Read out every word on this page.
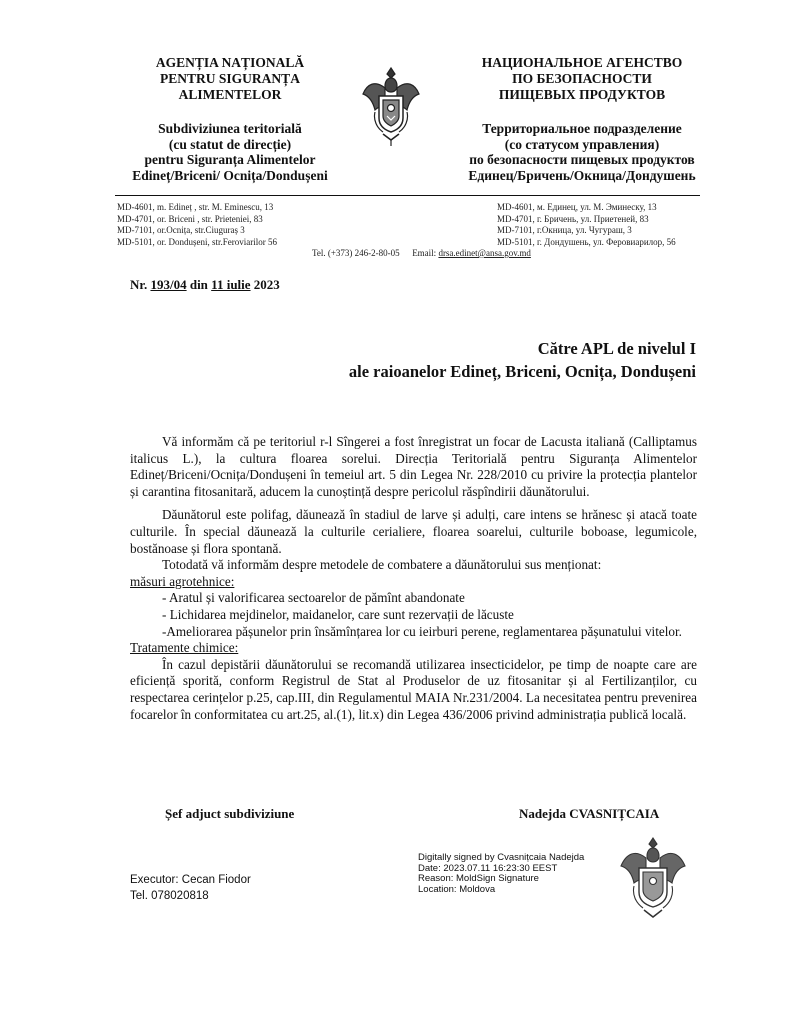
AGENȚIA NAȚIONALĂ
PENTRU SIGURANȚA
ALIMENTELOR
Subdiviziunea teritorială
(cu statut de direcție)
pentru Siguranța Alimentelor
Edineț/Briceni/ Ocnița/Dondușeni
НАЦИОНАЛЬНОЕ АГЕНСТВО
ПО БЕЗОПАСНОСТИ
ПИЩЕВЫХ ПРОДУКТОВ
Территориальное подразделение
(со статусом управления)
по безопасности пищевых продуктов
Единец/Бричень/Окница/Дондушень
MD-4601, m. Edineț , str. M. Eminescu, 13
MD-4701, or. Briceni , str. Prieteniei, 83
MD-7101, or.Ocnița, str.Ciuguraș 3
MD-5101, or. Dondușeni, str.Feroviarilor 56
MD-4601, м. Единец, ул. М. Эминеску, 13
MD-4701, г. Бричень, ул. Приетеней, 83
MD-7101, г.Окница, ул. Чугураш, 3
MD-5101, г. Дондушень, ул. Феровиарилор, 56
Tel. (+373) 246-2-80-05 Email: drsa.edinet@ansa.gov.md
Nr. 193/04 din 11 iulie 2023
Către APL de nivelul I
ale raioanelor Edineț, Briceni, Ocnița, Dondușeni

Vă informăm că pe teritoriul r-l Sîngerei a fost înregistrat un focar de Lacusta italiană (Calliptamus italicus L.), la cultura floarea sorelui. Direcția Teritorială pentru Siguranța Alimentelor Edineț/Briceni/Ocnița/Dondușeni în temeiul art. 5 din Legea Nr. 228/2010 cu privire la protecția plantelor și carantina fitosanitară, aducem la cunoștință despre pericolul răspîndirii dăunătorului.

Dăunătorul este polifag, dăunează în stadiul de larve și adulți, care intens se hrănesc și atacă toate culturile. În special dăunează la culturile cerialiere, floarea soarelui, culturile boboase, legumicole, bostănoase și flora spontană.

Totodată vă informăm despre metodele de combatere a dăunătorului sus menționat:

măsuri agrotehnice:
- Aratul și valorificarea sectoarelor de pămînt abandonate
- Lichidarea mejdinelor, maidanelor, care sunt rezervații de lăcuste
-Ameliorarea pășunelor prin însămînțarea lor cu ieirburi perene, reglamentarea pășunatului vitelor.
Tratamente chimice:

În cazul depistării dăunătorului se recomandă utilizarea insecticidelor, pe timp de noapte care are eficiență sporită, conform Registrul de Stat al Produselor de uz fitosanitar și al Fertilizanților, cu respectarea cerințelor p.25, cap.III, din Regulamentul MAIA Nr.231/2004. La necesitatea pentru prevenirea focarelor în conformitatea cu art.25, al.(1), lit.x) din Legea 436/2006 privind administrația publică locală.

Șef adjuct subdiviziune	Nadejda CVASNIȚCAIA
Digitally signed by Cvasnițcaia Nadejda
Date: 2023.07.11 16:23:30 EEST
Reason: MoldSign Signature
Location: Moldova
Executor: Cecan Fiodor
Tel. 078020818
